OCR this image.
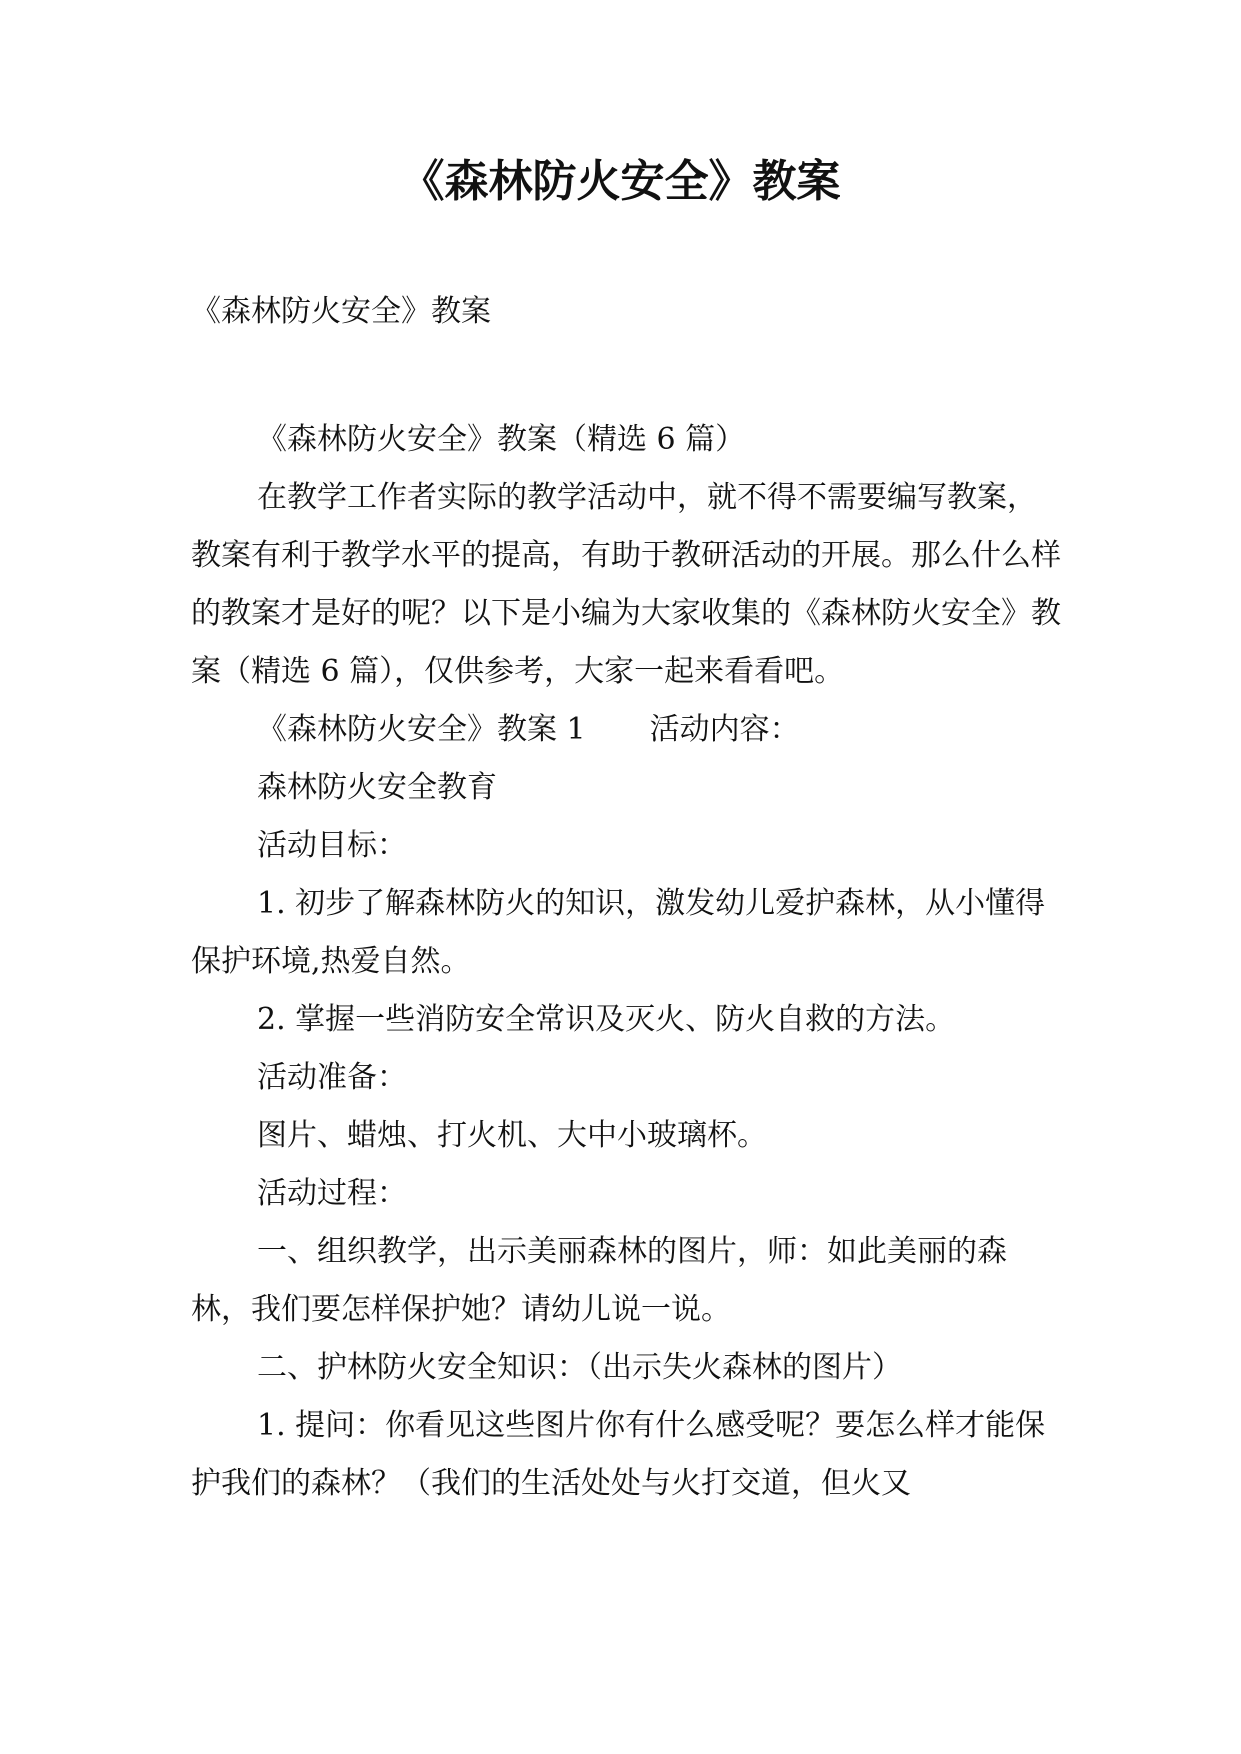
《森林防火安全》教案

《森林防火安全》教案

《森林防火安全》教案（精选 6 篇）

在教学工作者实际的教学活动中，就不得不需要编写教案，教案有利于教学水平的提高，有助于教研活动的开展。那么什么样的教案才是好的呢？以下是小编为大家收集的《森林防火安全》教案（精选 6 篇），仅供参考，大家一起来看看吧。

《森林防火安全》教案 1 活动内容：

森林防火安全教育

活动目标：

1. 初步了解森林防火的知识，激发幼儿爱护森林，从小懂得保护环境,热爱自然。

2. 掌握一些消防安全常识及灭火、防火自救的方法。

活动准备：

图片、蜡烛、打火机、大中小玻璃杯。

活动过程：

一、组织教学，出示美丽森林的图片，师：如此美丽的森林，我们要怎样保护她？请幼儿说一说。

二、护林防火安全知识：（出示失火森林的图片）

1. 提问：你看见这些图片你有什么感受呢？要怎么样才能保护我们的森林？（我们的生活处处与火打交道，但火又
